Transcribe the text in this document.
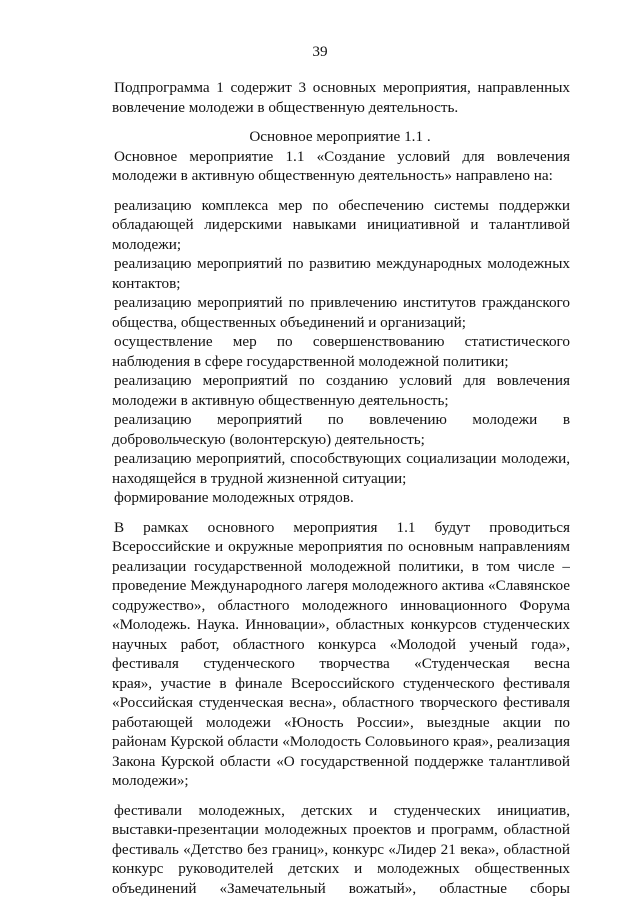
39
Подпрограмма 1 содержит 3 основных мероприятия, направленных
вовлечение молодежи в общественную деятельность.
Основное мероприятие 1.1 .
Основное мероприятие 1.1 «Создание условий для вовлечения
молодежи в активную общественную деятельность» направлено на:
реализацию комплекса мер по обеспечению системы поддержки
обладающей лидерскими навыками инициативной и талантливой
молодежи;
реализацию мероприятий по развитию международных молодежных
контактов;
реализацию мероприятий по привлечению институтов гражданского
общества, общественных объединений и организаций;
осуществление мер по совершенствованию статистического
наблюдения в сфере государственной молодежной политики;
реализацию мероприятий по созданию условий для вовлечения
молодежи в активную общественную деятельность;
реализацию мероприятий по вовлечению молодежи в
добровольческую (волонтерскую) деятельность;
реализацию мероприятий, способствующих социализации молодежи,
находящейся в трудной жизненной ситуации;
формирование молодежных отрядов.
В рамках основного мероприятия 1.1 будут проводиться
Всероссийские и окружные мероприятия по основным направлениям
реализации государственной молодежной политики, в том числе –
проведение Международного лагеря молодежного актива «Славянское
содружество», областного молодежного инновационного Форума
«Молодежь. Наука. Инновации», областных конкурсов студенческих
научных работ, областного конкурса «Молодой ученый года»,
фестиваля студенческого творчества «Студенческая весна
края», участие в финале Всероссийского студенческого фестиваля
«Российская студенческая весна», областного творческого фестиваля
работающей молодежи «Юность России», выездные акции по
районам Курской области «Молодость Соловьиного края», реализация
Закона Курской области «О государственной поддержке талантливой
молодежи»;
фестивали молодежных, детских и студенческих инициатив,
выставки-презентации молодежных проектов и программ, областной
фестиваль «Детство без границ», конкурс «Лидер 21 века», областной
конкурс руководителей детских и молодежных общественных
объединений «Замечательный вожатый», областные сборы
